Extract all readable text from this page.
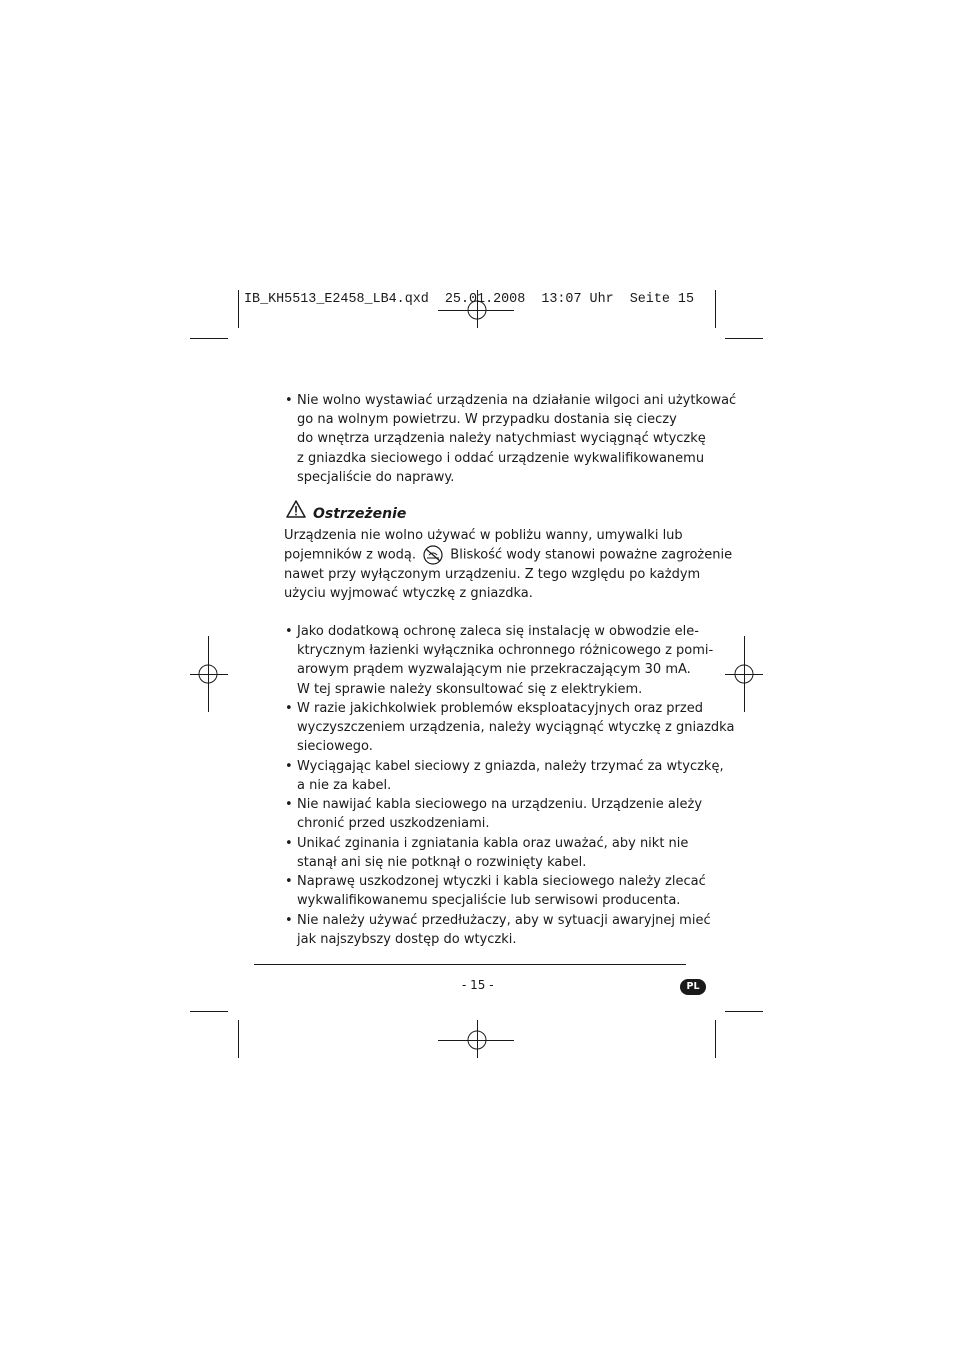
IB_KH5513_E2458_LB4.qxd  25.01.2008  13:07 Uhr  Seite 15
• Nie wolno wystawiać urządzenia na działanie wilgoci ani użytkować
go na wolnym powietrzu. W przypadku dostania się cieczy
do wnętrza urządzenia należy natychmiast wyciągnąć wtyczkę
z gniazdka sieciowego i oddać urządzenie wykwalifikowanemu
specjaliście do naprawy.
Ostrzeżenie
Urządzenia nie wolno używać w pobliżu wanny, umywalki lub
pojemników z wodą.	Bliskość wody stanowi poważne zagrożenie
nawet przy wyłączonym urządzeniu. Z tego względu po każdym
użyciu wyjmować wtyczkę z gniazdka.
• Jako dodatkową ochronę zaleca się instalację w obwodzie ele-
ktrycznym łazienki wyłącznika ochronnego różnicowego z pomi-
arowym prądem wyzwalającym nie przekraczającym 30 mA.
W tej sprawie należy skonsultować się z elektrykiem.
• W razie jakichkolwiek problemów eksploatacyjnych oraz przed
wyczyszczeniem urządzenia, należy wyciągnąć wtyczkę z gniazdka
sieciowego.
• Wyciągając kabel sieciowy z gniazda, należy trzymać za wtyczkę,
a nie za kabel.
• Nie nawijać kabla sieciowego na urządzeniu. Urządzenie ależy
chronić przed uszkodzeniami.
• Unikać zginania i zgniatania kabla oraz uważać, aby nikt nie
stanął ani się nie potknął o rozwinięty kabel.
• Naprawę uszkodzonej wtyczki i kabla sieciowego należy zlecać
wykwalifikowanemu specjaliście lub serwisowi producenta.
• Nie należy używać przedłużaczy, aby w sytuacji awaryjnej mieć
jak najszybszy dostęp do wtyczki.
- 15 -	PL
